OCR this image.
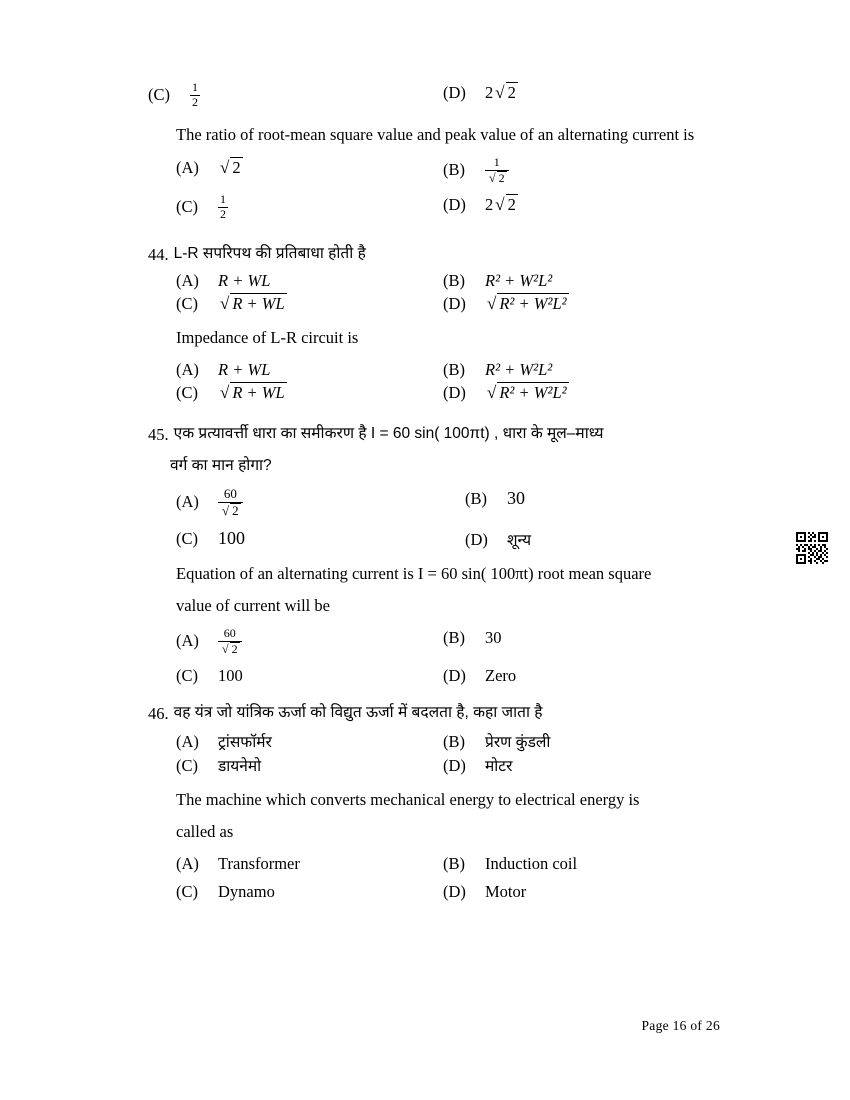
(C)	$\frac{1}{2}$	(D)	2 √ 2
The ratio of root-mean square value and peak value of an alternating current is
(A)	√ 2	(B)	$\frac{1}{√ 2}$
(C)	$\frac{1}{2}$	(D)	2 √ 2
44. L-R सपरिपथ की प्रतिबाधा होती है
(A)	R + WL	(B)	R² + W²L²
(C)	√ R + WL	(D)	√ R² + W²L²
Impedance of L-R circuit is
(A)	R + WL	(B)	R² + W²L²
(C)	√ R + WL	(D)	√ R² + W²L²
45. एक प्रत्यावर्त्ती धारा का समीकरण है I = 60 sin( 100πt) , धारा के मूल–माध्य
वर्ग का मान होगा?
(A)	$\frac{60}{√ 2}$	(B)	30
(C)	100	(D)	शून्य
Equation of an alternating current is I = 60 sin( 100πt) root mean square
value of current will be
(A)	$\frac{60}{√ 2}$	(B)	30
(C)	100	(D)	Zero
46. वह यंत्र जो यांत्रिक ऊर्जा को विद्युत ऊर्जा में बदलता है, कहा जाता है
(A)	ट्रांसफॉर्मर	(B)	प्रेरण कुंडली
(C)	डायनेमो	(D)	मोटर
The machine which converts mechanical energy to electrical energy is
called as
(A)	Transformer	(B)	Induction coil
(C)	Dynamo	(D)	Motor
Page 16 of 26
